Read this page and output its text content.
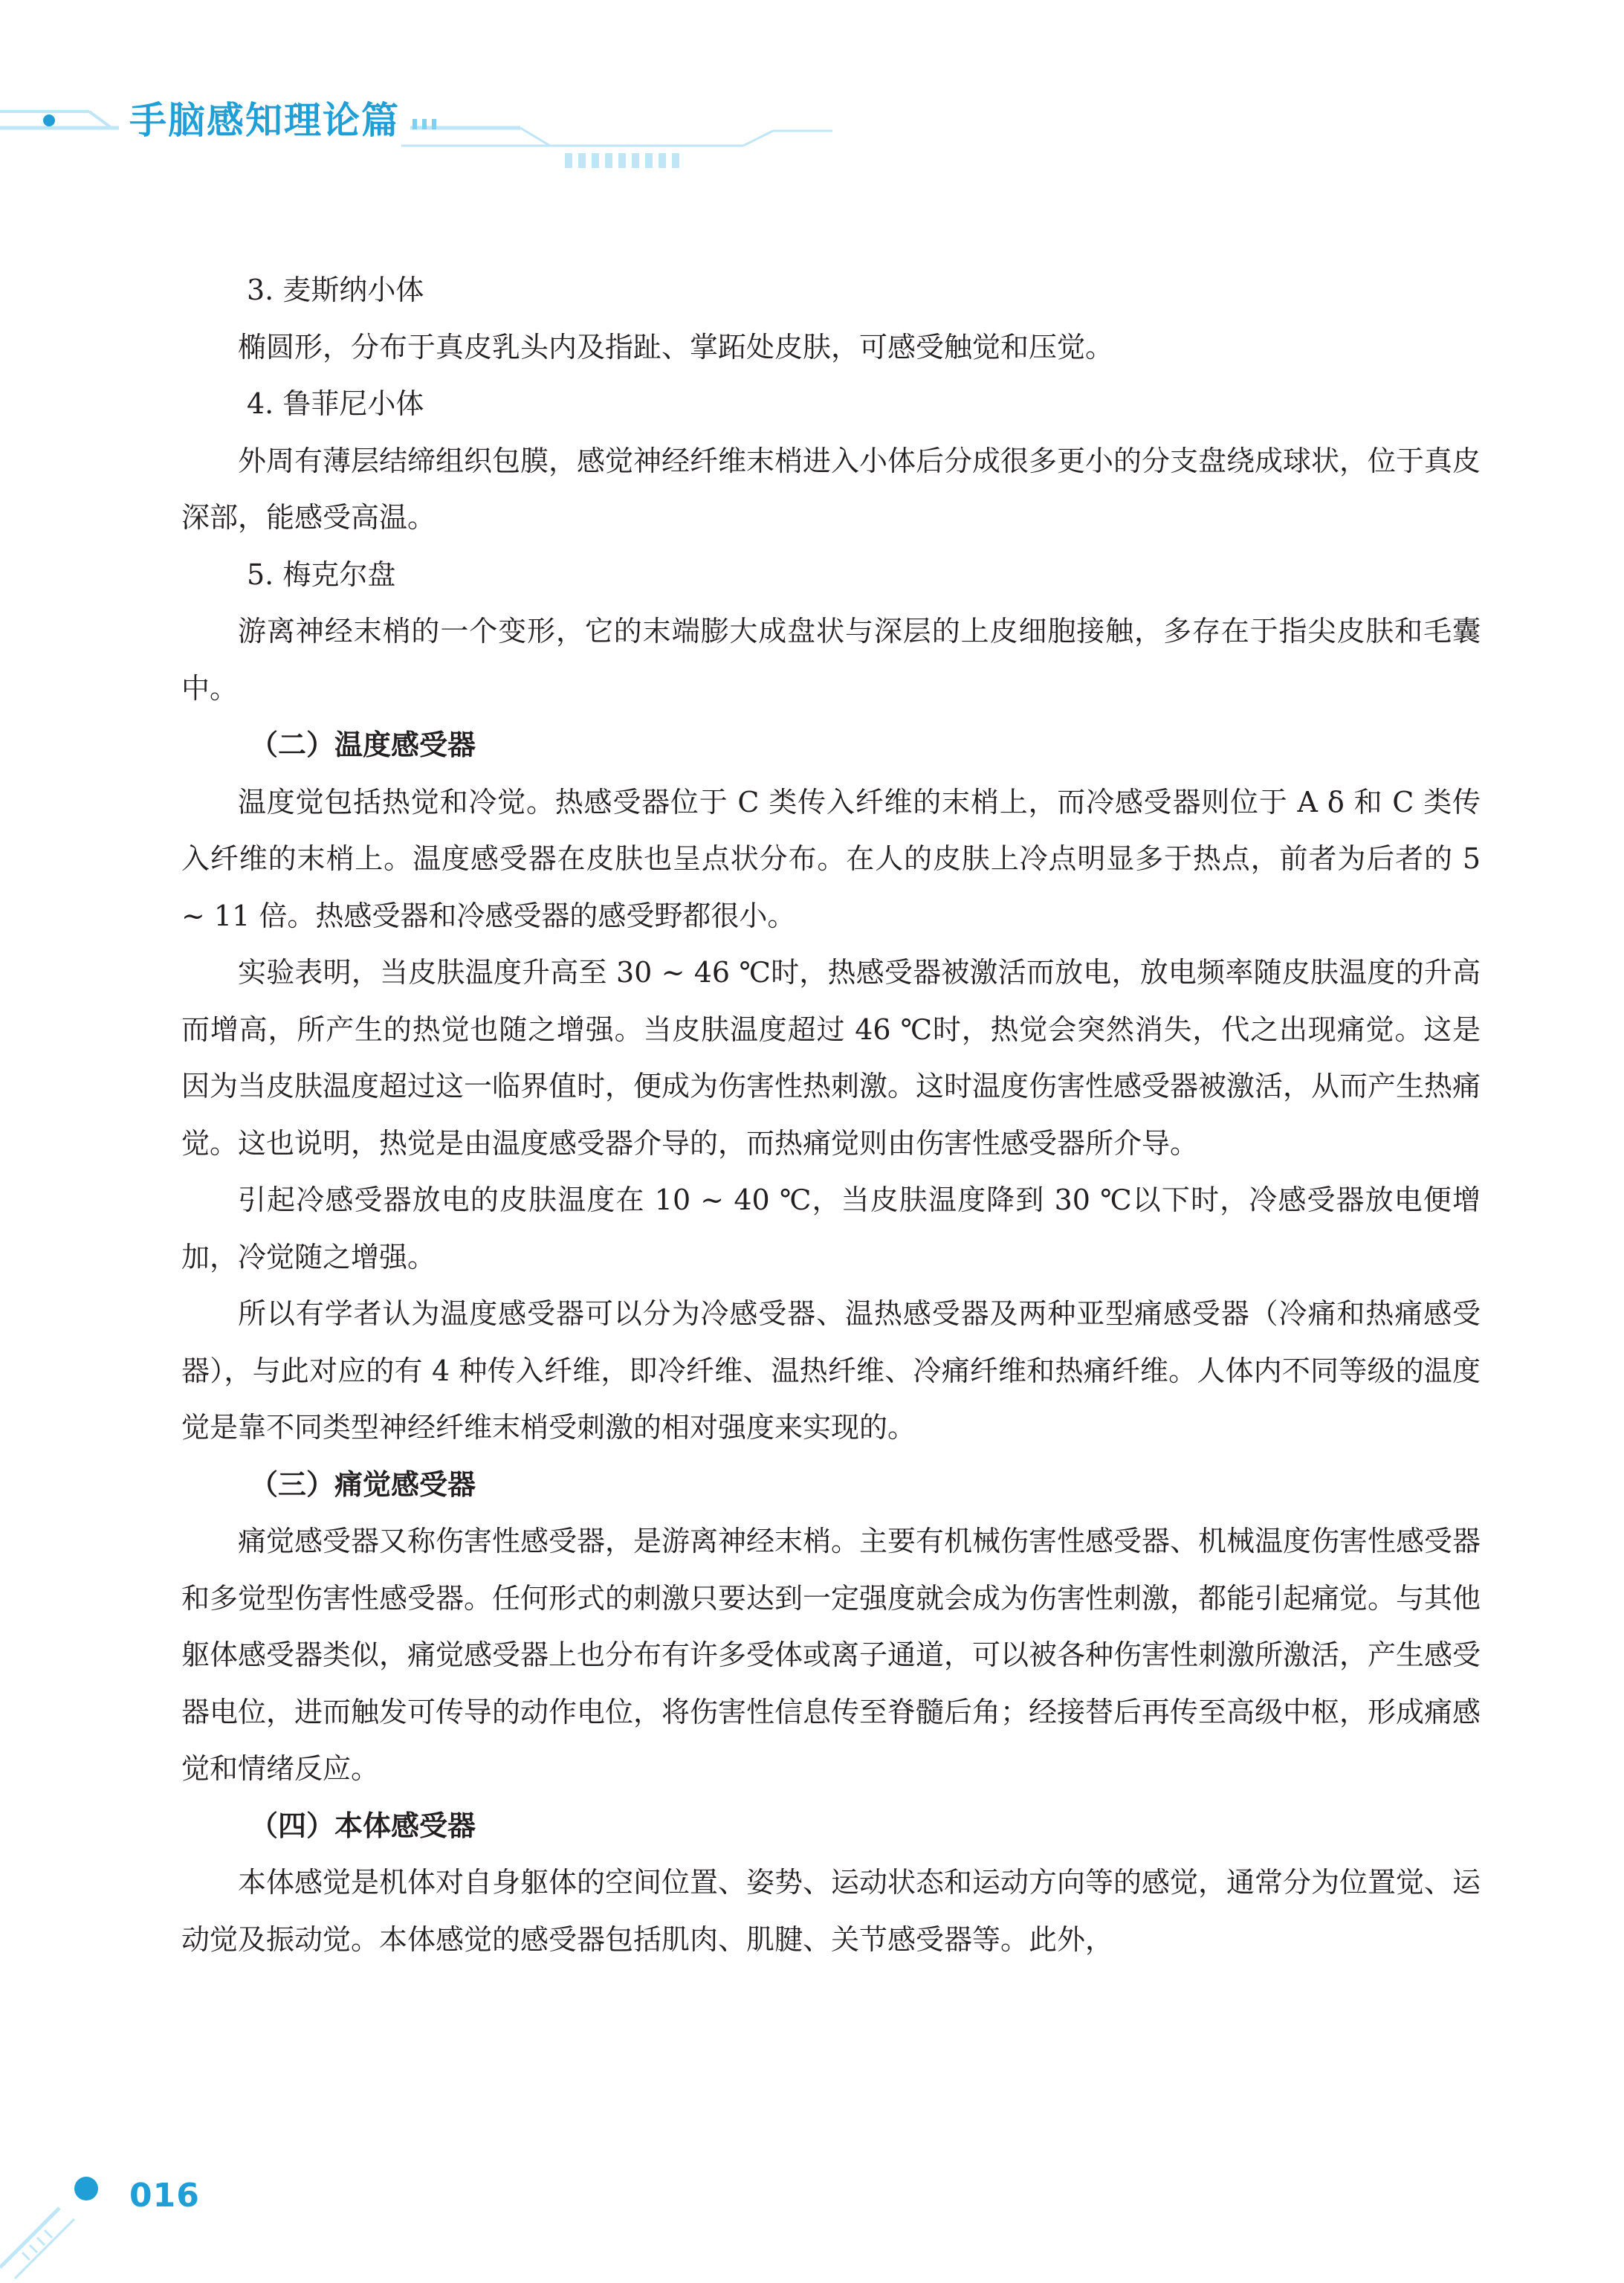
手脑感知理论篇

3. 麦斯纳小体

椭圆形，分布于真皮乳头内及指趾、掌跖处皮肤，可感受触觉和压觉。

4. 鲁菲尼小体

外周有薄层结缔组织包膜，感觉神经纤维末梢进入小体后分成很多更小的分支盘绕成球状，位于真皮深部，能感受高温。

5. 梅克尔盘

游离神经末梢的一个变形，它的末端膨大成盘状与深层的上皮细胞接触，多存在于指尖皮肤和毛囊中。

（二）温度感受器

温度觉包括热觉和冷觉。热感受器位于 C 类传入纤维的末梢上，而冷感受器则位于 A δ 和 C 类传入纤维的末梢上。温度感受器在皮肤也呈点状分布。在人的皮肤上冷点明显多于热点，前者为后者的 5 ~ 11 倍。热感受器和冷感受器的感受野都很小。

实验表明，当皮肤温度升高至 30 ~ 46 ℃时，热感受器被激活而放电，放电频率随皮肤温度的升高而增高，所产生的热觉也随之增强。当皮肤温度超过 46 ℃时，热觉会突然消失，代之出现痛觉。这是因为当皮肤温度超过这一临界值时，便成为伤害性热刺激。这时温度伤害性感受器被激活，从而产生热痛觉。这也说明，热觉是由温度感受器介导的，而热痛觉则由伤害性感受器所介导。

引起冷感受器放电的皮肤温度在 10 ~ 40 ℃，当皮肤温度降到 30 ℃以下时，冷感受器放电便增加，冷觉随之增强。

所以有学者认为温度感受器可以分为冷感受器、温热感受器及两种亚型痛感受器（冷痛和热痛感受器），与此对应的有 4 种传入纤维，即冷纤维、温热纤维、冷痛纤维和热痛纤维。人体内不同等级的温度觉是靠不同类型神经纤维末梢受刺激的相对强度来实现的。

（三）痛觉感受器

痛觉感受器又称伤害性感受器，是游离神经末梢。主要有机械伤害性感受器、机械温度伤害性感受器和多觉型伤害性感受器。任何形式的刺激只要达到一定强度就会成为伤害性刺激，都能引起痛觉。与其他躯体感受器类似，痛觉感受器上也分布有许多受体或离子通道，可以被各种伤害性刺激所激活，产生感受器电位，进而触发可传导的动作电位，将伤害性信息传至脊髓后角；经接替后再传至高级中枢，形成痛感觉和情绪反应。

（四）本体感受器

本体感觉是机体对自身躯体的空间位置、姿势、运动状态和运动方向等的感觉，通常分为位置觉、运动觉及振动觉。本体感觉的感受器包括肌肉、肌腱、关节感受器等。此外，

016
